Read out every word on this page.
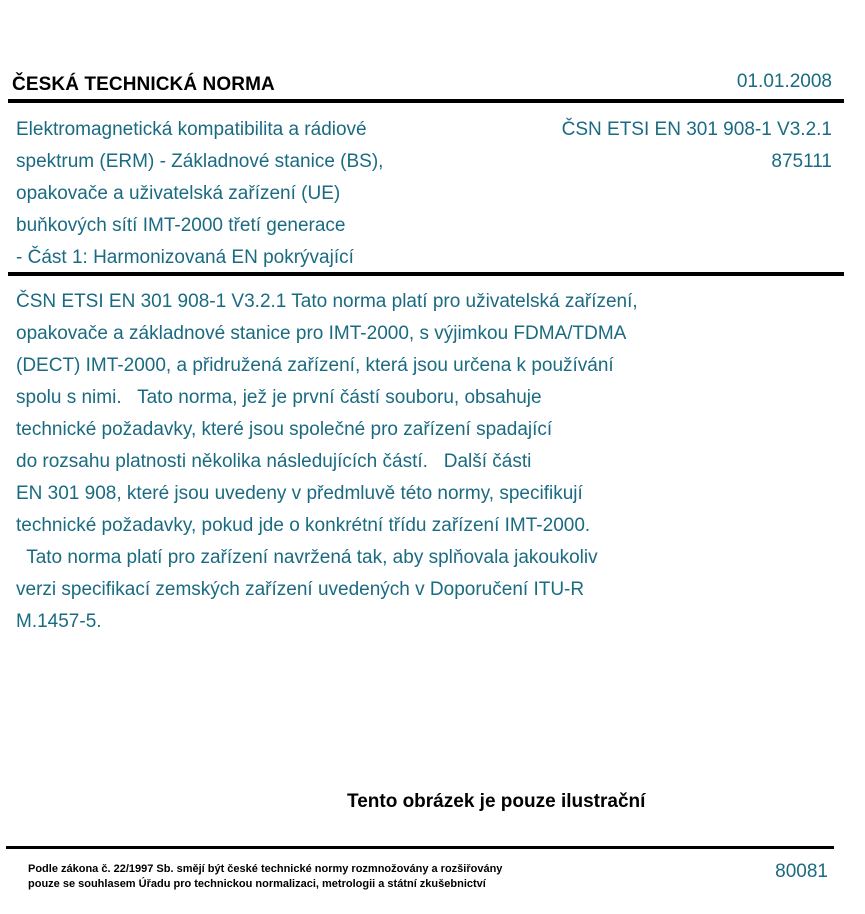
ČESKÁ TECHNICKÁ NORMA	01.01.2008
Elektromagnetická kompatibilita a rádiové
spektrum (ERM) - Základnové stanice (BS),
opakovače a uživatelská zařízení (UE)
buňkových sítí IMT-2000 třetí generace
- Část 1: Harmonizovaná EN pokrývající
ČSN ETSI EN 301 908-1 V3.2.1
875111
ČSN ETSI EN 301 908-1 V3.2.1 Tato norma platí pro uživatelská zařízení,
opakovače a základnové stanice pro IMT-2000, s výjimkou FDMA/TDMA
(DECT) IMT-2000, a přidružená zařízení, která jsou určena k používání
spolu s nimi.   Tato norma, jež je první částí souboru, obsahuje
technické požadavky, které jsou společné pro zařízení spadající
do rozsahu platnosti několika následujících částí.   Další části
EN 301 908, které jsou uvedeny v předmluvě této normy, specifikují
technické požadavky, pokud jde o konkrétní třídu zařízení IMT-2000.
Tato norma platí pro zařízení navržená tak, aby splňovala jakoukoliv
verzi specifikací zemských zařízení uvedených v Doporučení ITU-R
M.1457-5.
Tento obrázek je pouze ilustrační
Podle zákona č. 22/1997 Sb. smějí být české technické normy rozmnožovány a rozšiřovány
pouze se souhlasem Úřadu pro technickou normalizaci, metrologii a státní zkušebnictví
80081
